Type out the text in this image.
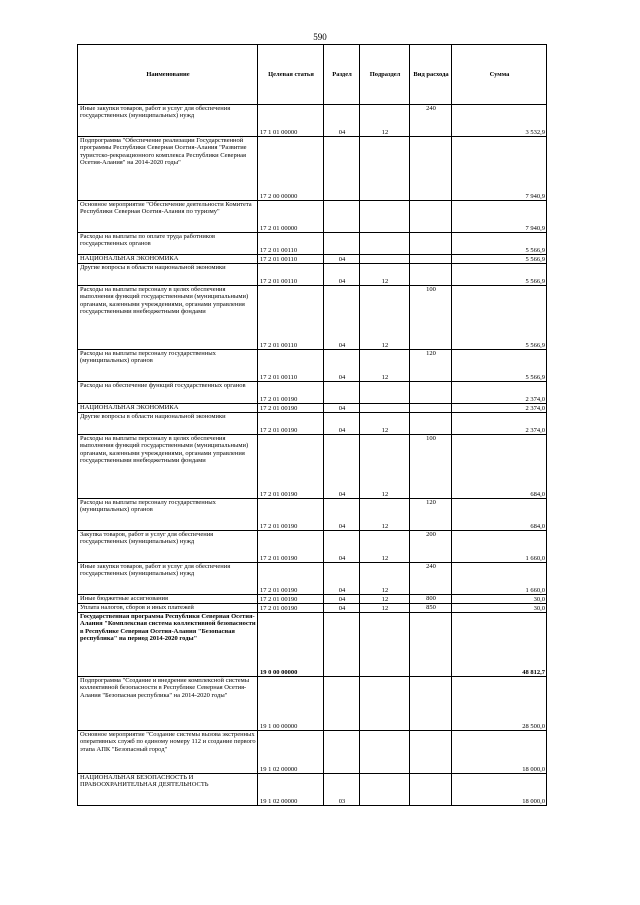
590
Наименование	Целевая статья	Раздел	Подраздел	Вид расхода	Сумма
Иные закупки товаров, работ и услуг для обеспечения государственных (муниципальных) нужд	17 1 01 00000	04	12	240	3 532,9
Подпрограмма "Обеспечение реализации Государственной программы Республики Северная Осетия-Алания "Развитие туристско-рекреационного комплекса Республики Северная Осетия-Алания" на 2014-2020 годы"	17 2 00 00000				7 940,9
Основное мероприятие "Обеспечение деятельности Комитета Республики Северная Осетия-Алания по туризму"	17 2 01 00000				7 940,9
Расходы на выплаты по оплате труда работников государственных органов	17 2 01 00110				5 566,9
НАЦИОНАЛЬНАЯ ЭКОНОМИКА	17 2 01 00110	04			5 566,9
Другие вопросы в области национальной экономики	17 2 01 00110	04	12		5 566,9
Расходы на выплаты персоналу в целях обеспечения выполнения функций государственными (муниципальными) органами, казенными учреждениями, органами управления государственными внебюджетными фондами	17 2 01 00110	04	12	100	5 566,9
Расходы на выплаты персоналу государственных (муниципальных) органов	17 2 01 00110	04	12	120	5 566,9
Расходы на обеспечение функций государственных органов	17 2 01 00190				2 374,0
НАЦИОНАЛЬНАЯ ЭКОНОМИКА	17 2 01 00190	04			2 374,0
Другие вопросы в области национальной экономики	17 2 01 00190	04	12		2 374,0
Расходы на выплаты персоналу в целях обеспечения выполнения функций государственными (муниципальными) органами, казенными учреждениями, органами управления государственными внебюджетными фондами	17 2 01 00190	04	12	100	684,0
Расходы на выплаты персоналу государственных (муниципальных) органов	17 2 01 00190	04	12	120	684,0
Закупка товаров, работ и услуг для обеспечения государственных (муниципальных) нужд	17 2 01 00190	04	12	200	1 660,0
Иные закупки товаров, работ и услуг для обеспечения государственных (муниципальных) нужд	17 2 01 00190	04	12	240	1 660,0
Иные бюджетные ассигнования	17 2 01 00190	04	12	800	30,0
Уплата налогов, сборов и иных платежей	17 2 01 00190	04	12	850	30,0
Государственная программа Республики Северная Осетия-Алания "Комплексная система коллективной безопасности в Республике Северная Осетия-Алания "Безопасная республика" на период 2014-2020 годы"	19 0 00 00000				48 812,7
Подпрограмма "Создание и внедрение комплексной системы коллективной безопасности в Республике Северная Осетия-Алания "Безопасная республика" на 2014-2020 годы"	19 1 00 00000				28 500,0
Основное мероприятие "Создание системы вызова экстренных оперативных служб по единому номеру 112 и создание первого этапа АПК "Безопасный город"	19 1 02 00000				18 000,0
НАЦИОНАЛЬНАЯ БЕЗОПАСНОСТЬ И ПРАВООХРАНИТЕЛЬНАЯ ДЕЯТЕЛЬНОСТЬ	19 1 02 00000	03			18 000,0
